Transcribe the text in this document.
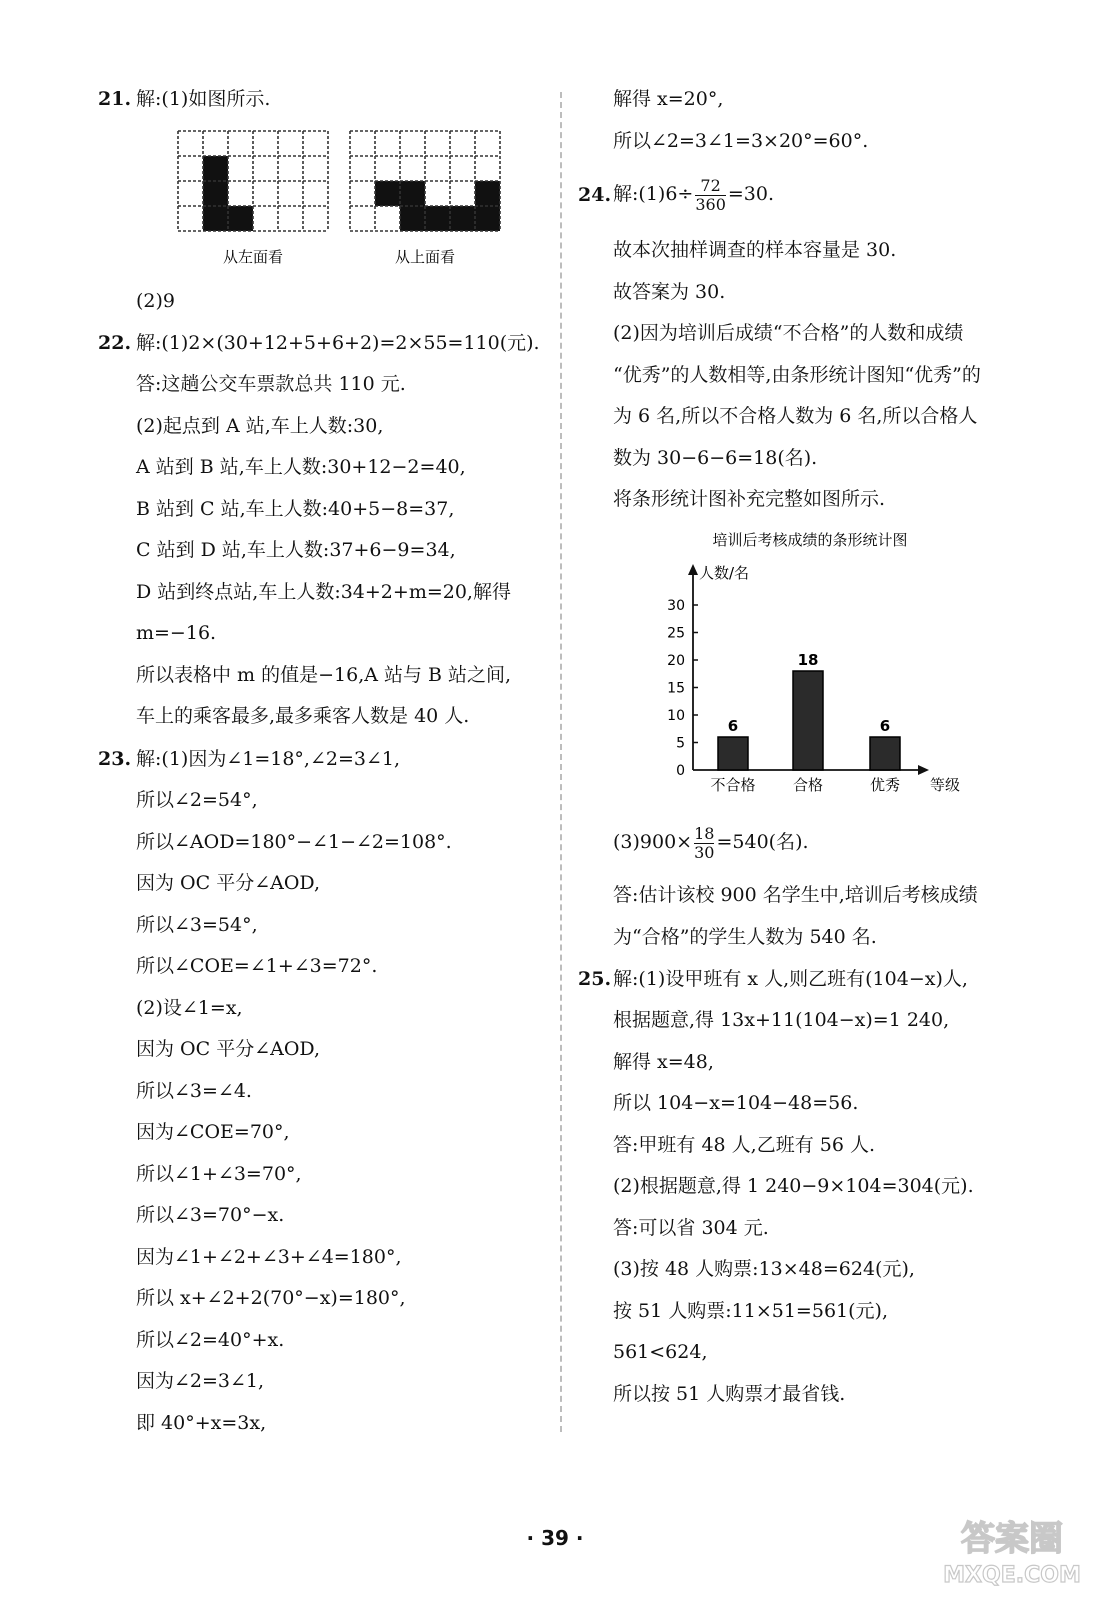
21. 解:(1)如图所示.
从左面看	从上面看
(2)9
22. 解:(1)2×(30+12+5+6+2)=2×55=110(元).
答:这趟公交车票款总共 110 元.
(2)起点到 A 站,车上人数:30,
A 站到 B 站,车上人数:30+12−2=40,
B 站到 C 站,车上人数:40+5−8=37,
C 站到 D 站,车上人数:37+6−9=34,
D 站到终点站,车上人数:34+2+m=20,解得
m=−16.
所以表格中 m 的值是−16,A 站与 B 站之间,
车上的乘客最多,最多乘客人数是 40 人.
23. 解:(1)因为∠1=18°,∠2=3∠1,
所以∠2=54°,
所以∠AOD=180°−∠1−∠2=108°.
因为 OC 平分∠AOD,
所以∠3=54°,
所以∠COE=∠1+∠3=72°.
(2)设∠1=x,
因为 OC 平分∠AOD,
所以∠3=∠4.
因为∠COE=70°,
所以∠1+∠3=70°,
所以∠3=70°−x.
因为∠1+∠2+∠3+∠4=180°,
所以 x+∠2+2(70°−x)=180°,
所以∠2=40°+x.
因为∠2=3∠1,
即 40°+x=3x,
解得 x=20°,
所以∠2=3∠1=3×20°=60°.
24. 解:(1)6÷ $\frac{72}{360} =30$.
故本次抽样调查的样本容量是 30.
故答案为 30.
(2)因为培训后成绩“不合格”的人数和成绩
“优秀”的人数相等,由条形统计图知“优秀”的
为 6 名,所以不合格人数为 6 名,所以合格人
数为 30−6−6=18(名).
将条形统计图补充完整如图所示.
培训后考核成绩的条形统计图
人数/名
等级
0
5
10
15
20
25
30
6
不合格
18
合格
6
优秀
$(3)900\times \frac{18}{30} =540$(名).
答:估计该校 900 名学生中,培训后考核成绩
为“合格”的学生人数为 540 名.
25. 解:(1)设甲班有 x 人,则乙班有(104−x)人,
根据题意,得 13x+11(104−x)=1 240,
解得 x=48,
所以 104−x=104−48=56.
答:甲班有 48 人,乙班有 56 人.
(2)根据题意,得 1 240−9×104=304(元).
答:可以省 304 元.
(3)按 48 人购票:13×48=624(元),
按 51 人购票:11×51=561(元),
561<624,
所以按 51 人购票才最省钱.
· 39 ·	答案圈
MXQE.COM
